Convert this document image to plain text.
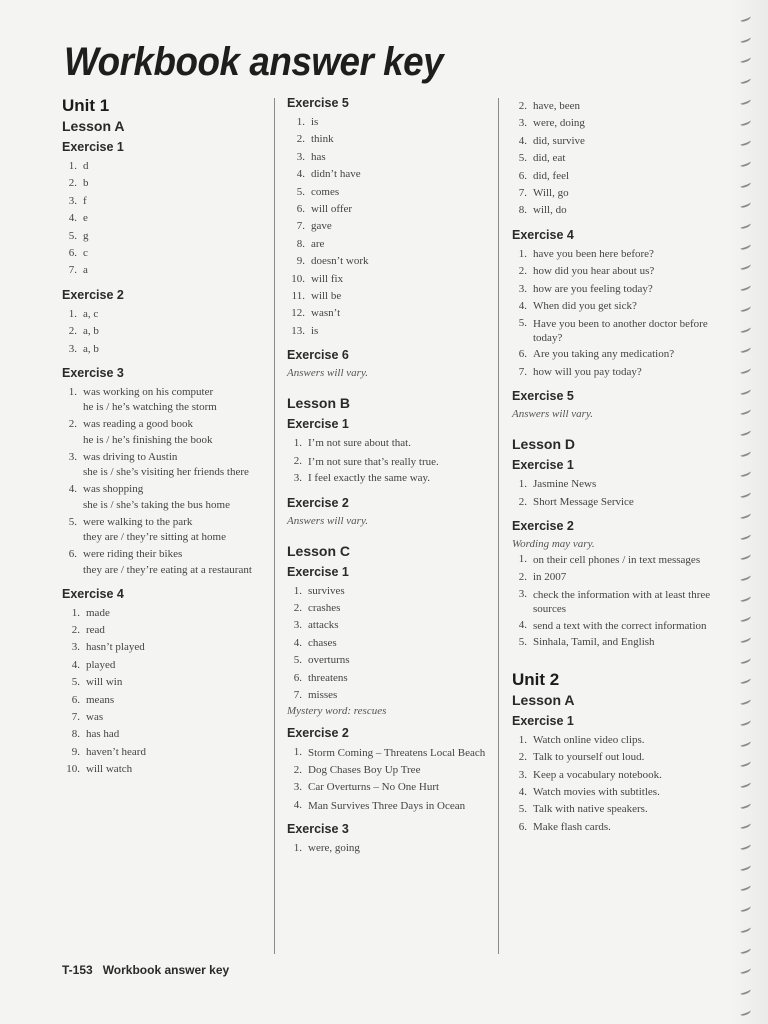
Workbook answer key
Unit 1
Lesson A
Exercise 1
1. d
2. b
3. f
4. e
5. g
6. c
7. a
Exercise 2
1. a, c
2. a, b
3. a, b
Exercise 3
1. was working on his computer
he is / he’s watching the storm
2. was reading a good book
he is / he’s finishing the book
3. was driving to Austin
she is / she’s visiting her friends there
4. was shopping
she is / she’s taking the bus home
5. were walking to the park
they are / they’re sitting at home
6. were riding their bikes
they are / they’re eating at a restaurant
Exercise 4
1. made
2. read
3. hasn’t played
4. played
5. will win
6. means
7. was
8. has had
9. haven’t heard
10. will watch
Exercise 5
1. is
2. think
3. has
4. didn’t have
5. comes
6. will offer
7. gave
8. are
9. doesn’t work
10. will fix
11. will be
12. wasn’t
13. is
Exercise 6
Answers will vary.
Lesson B
Exercise 1
1. I’m not sure about that.
2. I’m not sure that’s really true.
3. I feel exactly the same way.
Exercise 2
Answers will vary.
Lesson C
Exercise 1
1. survives
2. crashes
3. attacks
4. chases
5. overturns
6. threatens
7. misses
Mystery word: rescues
Exercise 2
1. Storm Coming – Threatens Local Beach
2. Dog Chases Boy Up Tree
3. Car Overturns – No One Hurt
4. Man Survives Three Days in Ocean
Exercise 3
1. were, going
2. have, been
3. were, doing
4. did, survive
5. did, eat
6. did, feel
7. Will, go
8. will, do
Exercise 4
1. have you been here before?
2. how did you hear about us?
3. how are you feeling today?
4. When did you get sick?
5. Have you been to another doctor before today?
6. Are you taking any medication?
7. how will you pay today?
Exercise 5
Answers will vary.
Lesson D
Exercise 1
1. Jasmine News
2. Short Message Service
Exercise 2
Wording may vary.
1. on their cell phones / in text messages
2. in 2007
3. check the information with at least three sources
4. send a text with the correct information
5. Sinhala, Tamil, and English
Unit 2
Lesson A
Exercise 1
1. Watch online video clips.
2. Talk to yourself out loud.
3. Keep a vocabulary notebook.
4. Watch movies with subtitles.
5. Talk with native speakers.
6. Make flash cards.
T-153 Workbook answer key
